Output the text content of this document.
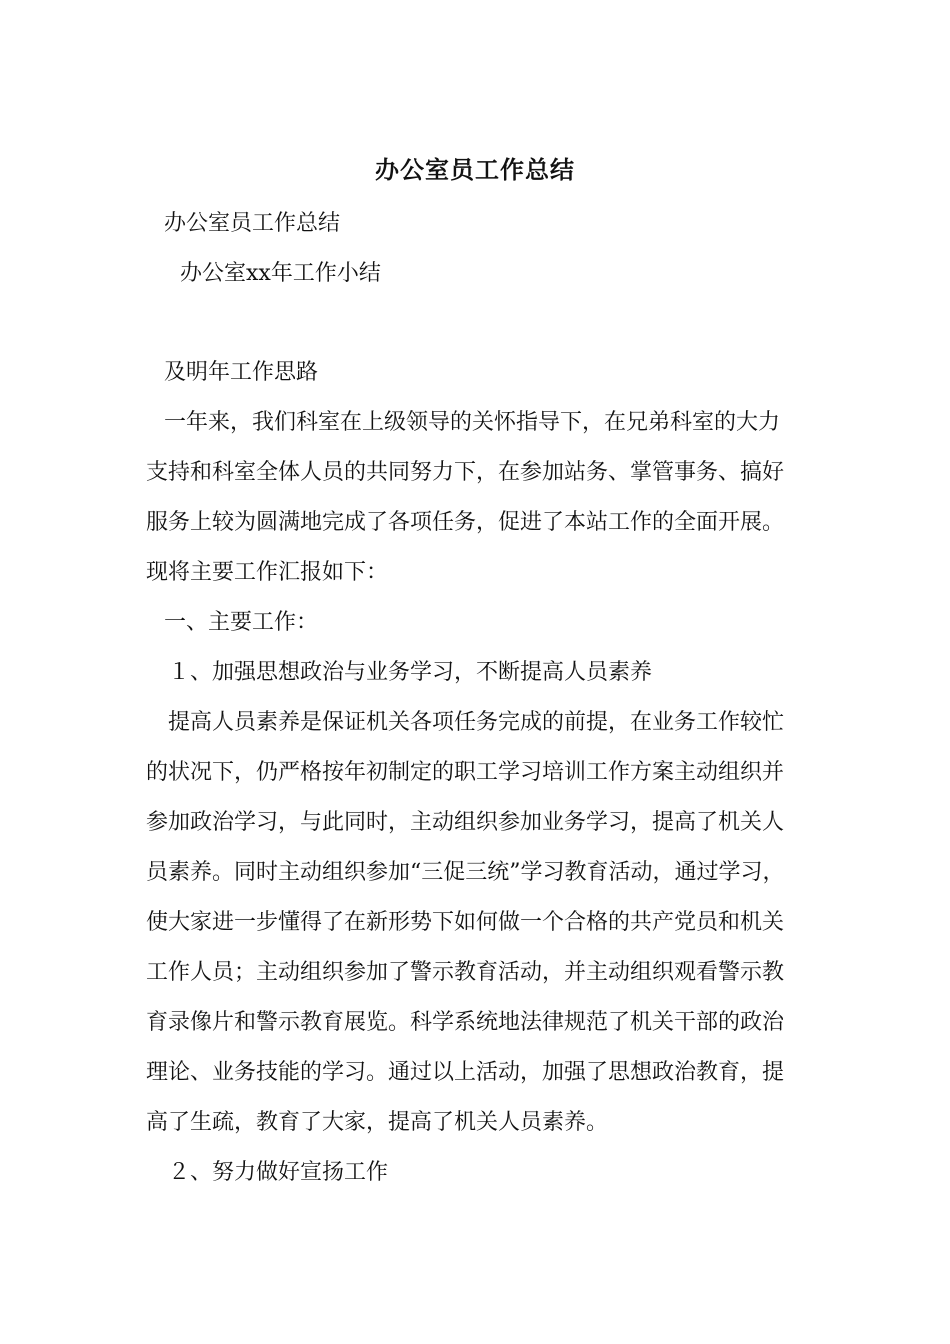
办公室员工作总结
办公室员工作总结
办公室xx年工作小结
及明年工作思路
一年来，我们科室在上级领导的关怀指导下，在兄弟科室的大力
支持和科室全体人员的共同努力下，在参加站务、掌管事务、搞好
服务上较为圆满地完成了各项任务，促进了本站工作的全面开展。
现将主要工作汇报如下：
一、主要工作：
１、加强思想政治与业务学习，不断提高人员素养
提高人员素养是保证机关各项任务完成的前提，在业务工作较忙
的状况下，仍严格按年初制定的职工学习培训工作方案主动组织并
参加政治学习，与此同时，主动组织参加业务学习，提高了机关人
员素养。同时主动组织参加“三促三统”学习教育活动，通过学习，
使大家进一步懂得了在新形势下如何做一个合格的共产党员和机关
工作人员；主动组织参加了警示教育活动，并主动组织观看警示教
育录像片和警示教育展览。科学系统地法律规范了机关干部的政治
理论、业务技能的学习。通过以上活动，加强了思想政治教育，提
高了生疏，教育了大家，提高了机关人员素养。
２、努力做好宣扬工作
